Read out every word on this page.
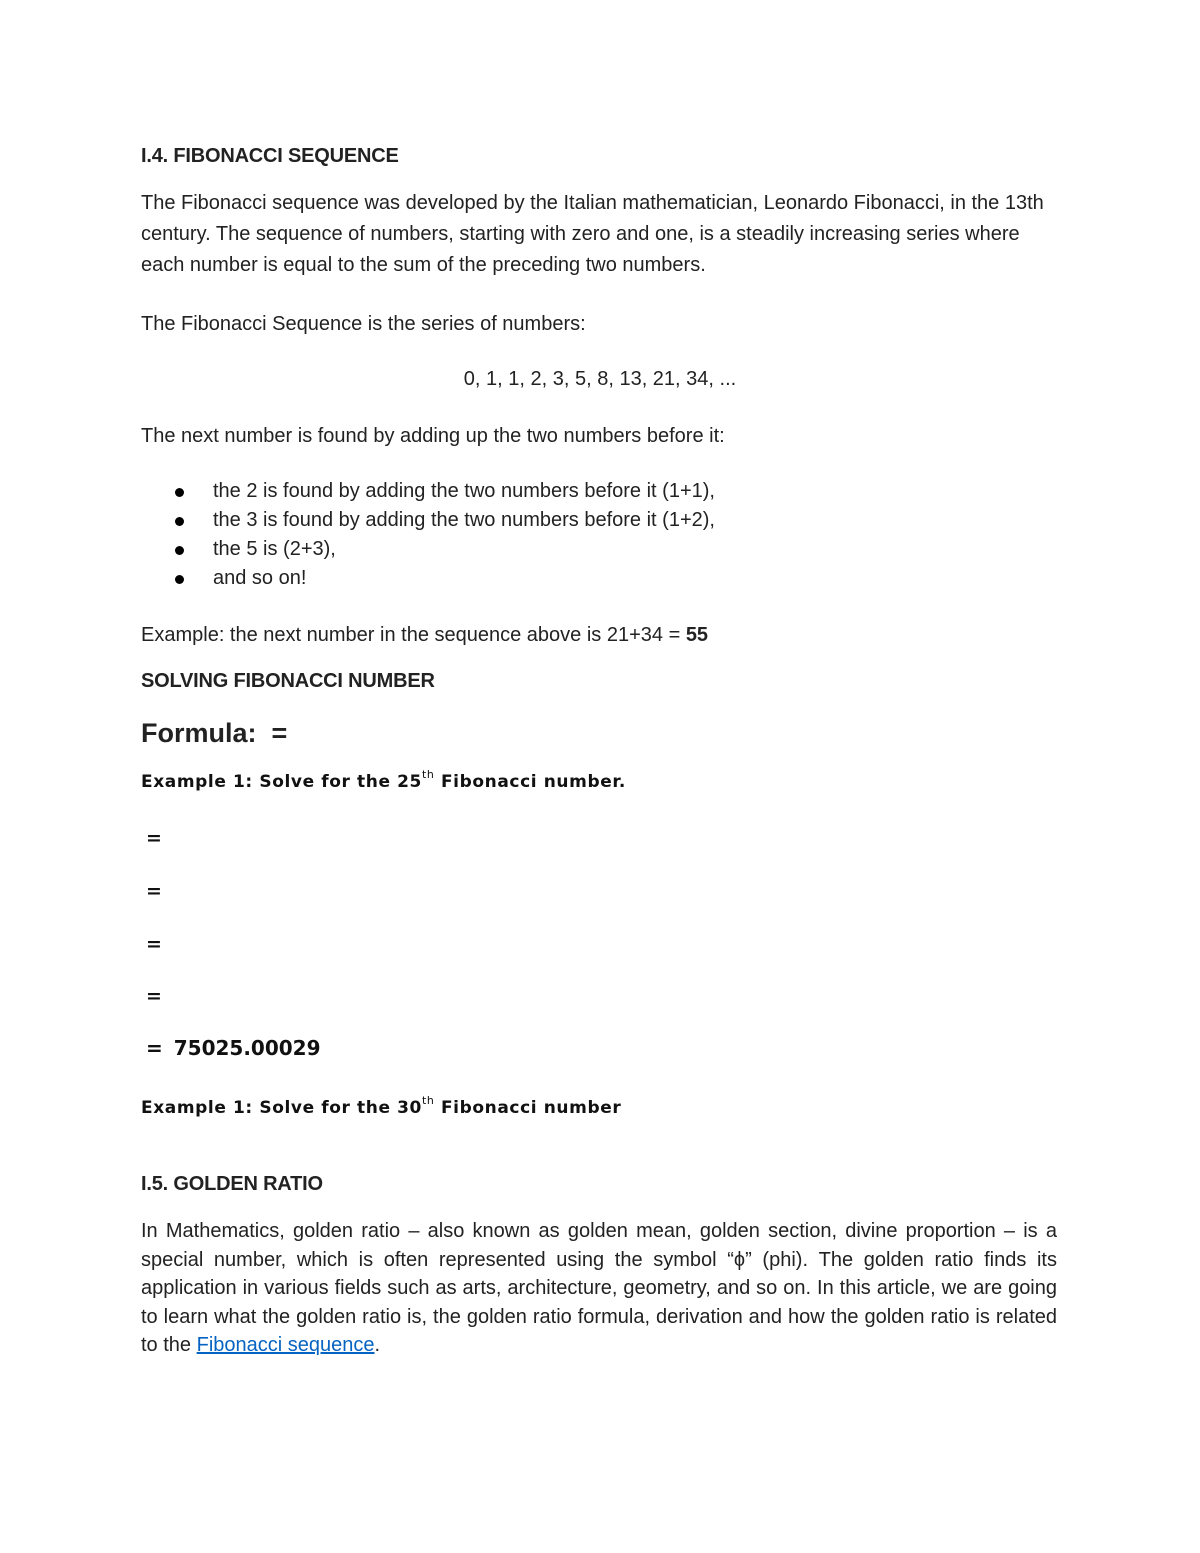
I.4. FIBONACCI SEQUENCE

The Fibonacci sequence was developed by the Italian mathematician, Leonardo Fibonacci, in the 13th century. The sequence of numbers, starting with zero and one, is a steadily increasing series where each number is equal to the sum of the preceding two numbers.

The Fibonacci Sequence is the series of numbers:

0, 1, 1, 2, 3, 5, 8, 13, 21, 34, ...

The next number is found by adding up the two numbers before it:

the 2 is found by adding the two numbers before it (1+1),
the 3 is found by adding the two numbers before it (1+2),
the 5 is (2+3),
and so on!

Example: the next number in the sequence above is 21+34 = 55

SOLVING FIBONACCI NUMBER

Formula: =

Example 1: Solve for the 25th Fibonacci number.

=

=

=

=

= 75025.00029

Example 1: Solve for the 30th Fibonacci number

I.5. GOLDEN RATIO

In Mathematics, golden ratio – also known as golden mean, golden section, divine proportion – is a special number, which is often represented using the symbol “ϕ” (phi). The golden ratio finds its application in various fields such as arts, architecture, geometry, and so on. In this article, we are going to learn what the golden ratio is, the golden ratio formula, derivation and how the golden ratio is related to the Fibonacci sequence.
